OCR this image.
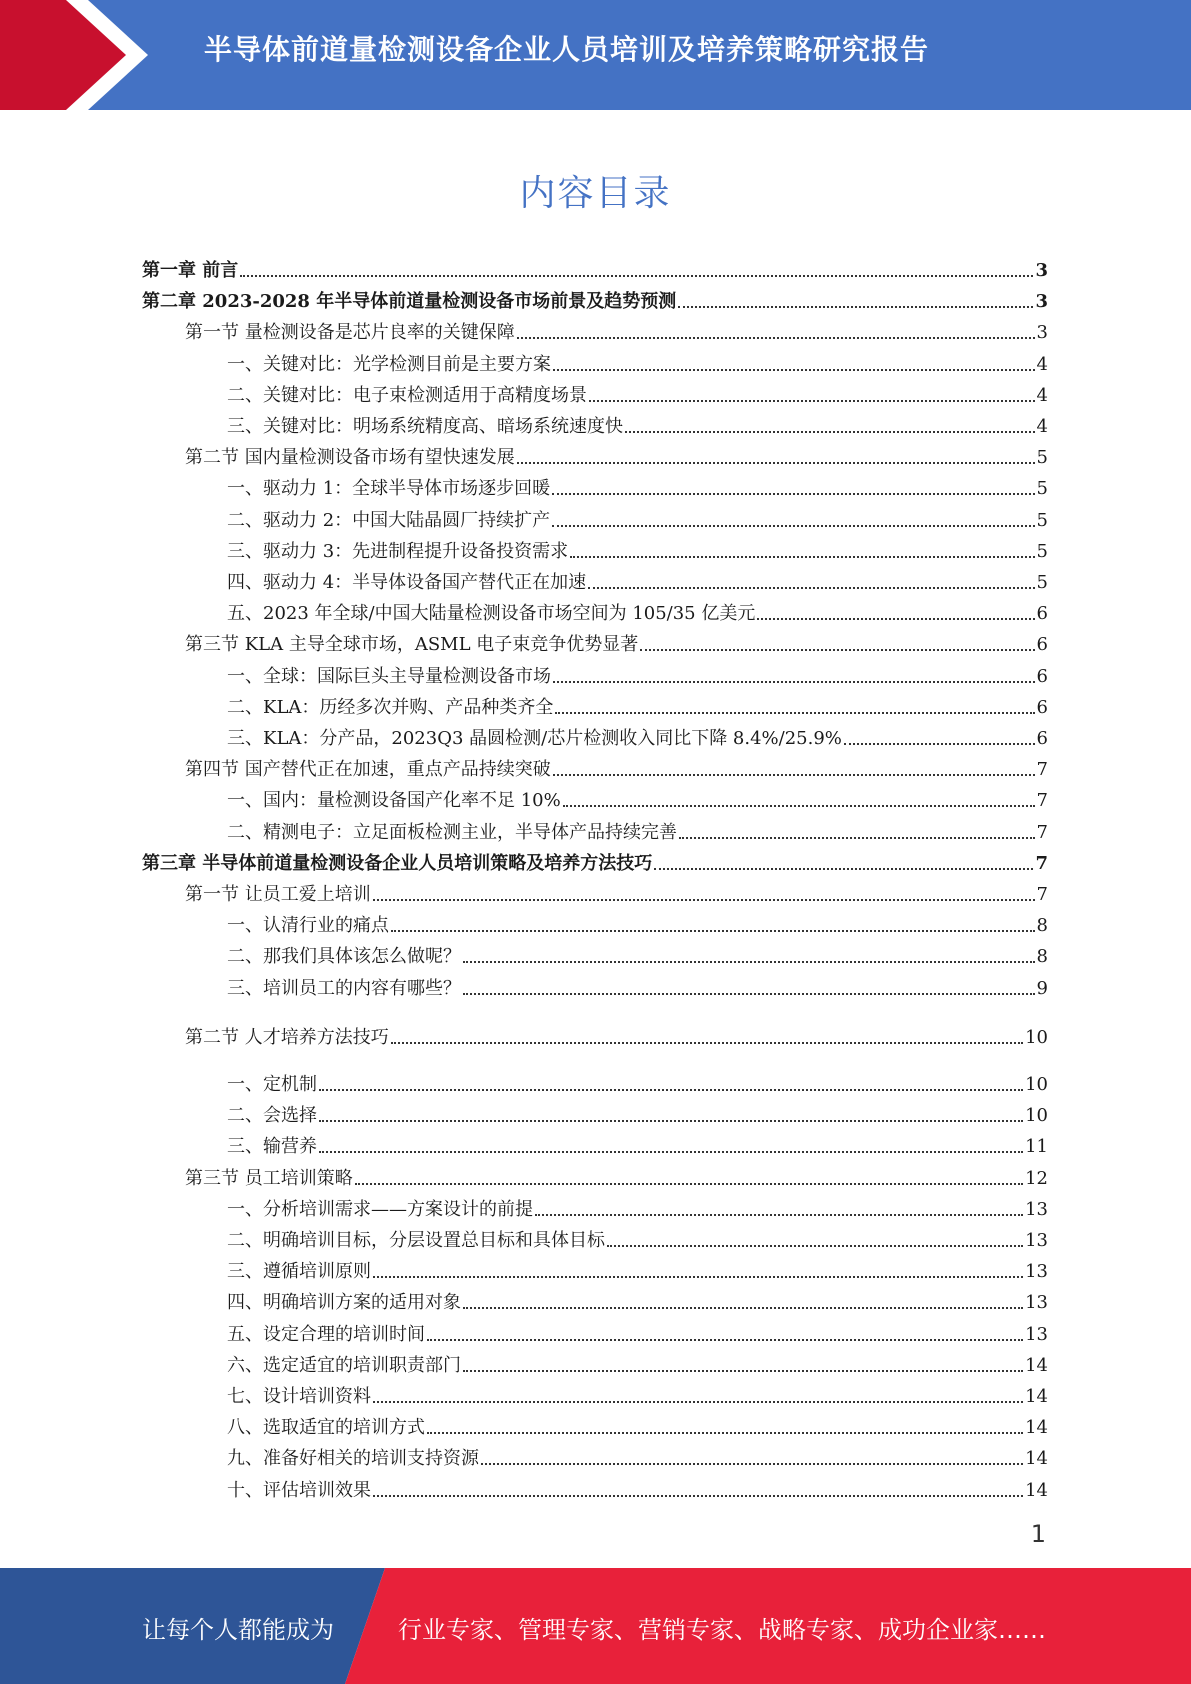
半导体前道量检测设备企业人员培训及培养策略研究报告
内容目录
第一章 前言	3
第二章 2023-2028 年半导体前道量检测设备市场前景及趋势预测	3
第一节 量检测设备是芯片良率的关键保障	3
一、关键对比：光学检测目前是主要方案	4
二、关键对比：电子束检测适用于高精度场景	4
三、关键对比：明场系统精度高、暗场系统速度快	4
第二节 国内量检测设备市场有望快速发展	5
一、驱动力 1：全球半导体市场逐步回暖	5
二、驱动力 2：中国大陆晶圆厂持续扩产	5
三、驱动力 3：先进制程提升设备投资需求	5
四、驱动力 4：半导体设备国产替代正在加速	5
五、2023 年全球/中国大陆量检测设备市场空间为 105/35 亿美元	6
第三节 KLA 主导全球市场，ASML 电子束竞争优势显著	6
一、全球：国际巨头主导量检测设备市场	6
二、KLA：历经多次并购、产品种类齐全	6
三、KLA：分产品，2023Q3 晶圆检测/芯片检测收入同比下降 8.4%/25.9%	6
第四节 国产替代正在加速，重点产品持续突破	7
一、国内：量检测设备国产化率不足 10%	7
二、精测电子：立足面板检测主业，半导体产品持续完善	7
第三章 半导体前道量检测设备企业人员培训策略及培养方法技巧	7
第一节 让员工爱上培训	7
一、认清行业的痛点	8
二、那我们具体该怎么做呢？	8
三、培训员工的内容有哪些？	9
第二节 人才培养方法技巧	10
一、定机制	10
二、会选择	10
三、输营养	11
第三节 员工培训策略	12
一、分析培训需求——方案设计的前提	13
二、明确培训目标，分层设置总目标和具体目标	13
三、遵循培训原则	13
四、明确培训方案的适用对象	13
五、设定合理的培训时间	13
六、选定适宜的培训职责部门	14
七、设计培训资料	14
八、选取适宜的培训方式	14
九、准备好相关的培训支持资源	14
十、评估培训效果	14
1
让每个人都能成为	行业专家、管理专家、营销专家、战略专家、成功企业家……
